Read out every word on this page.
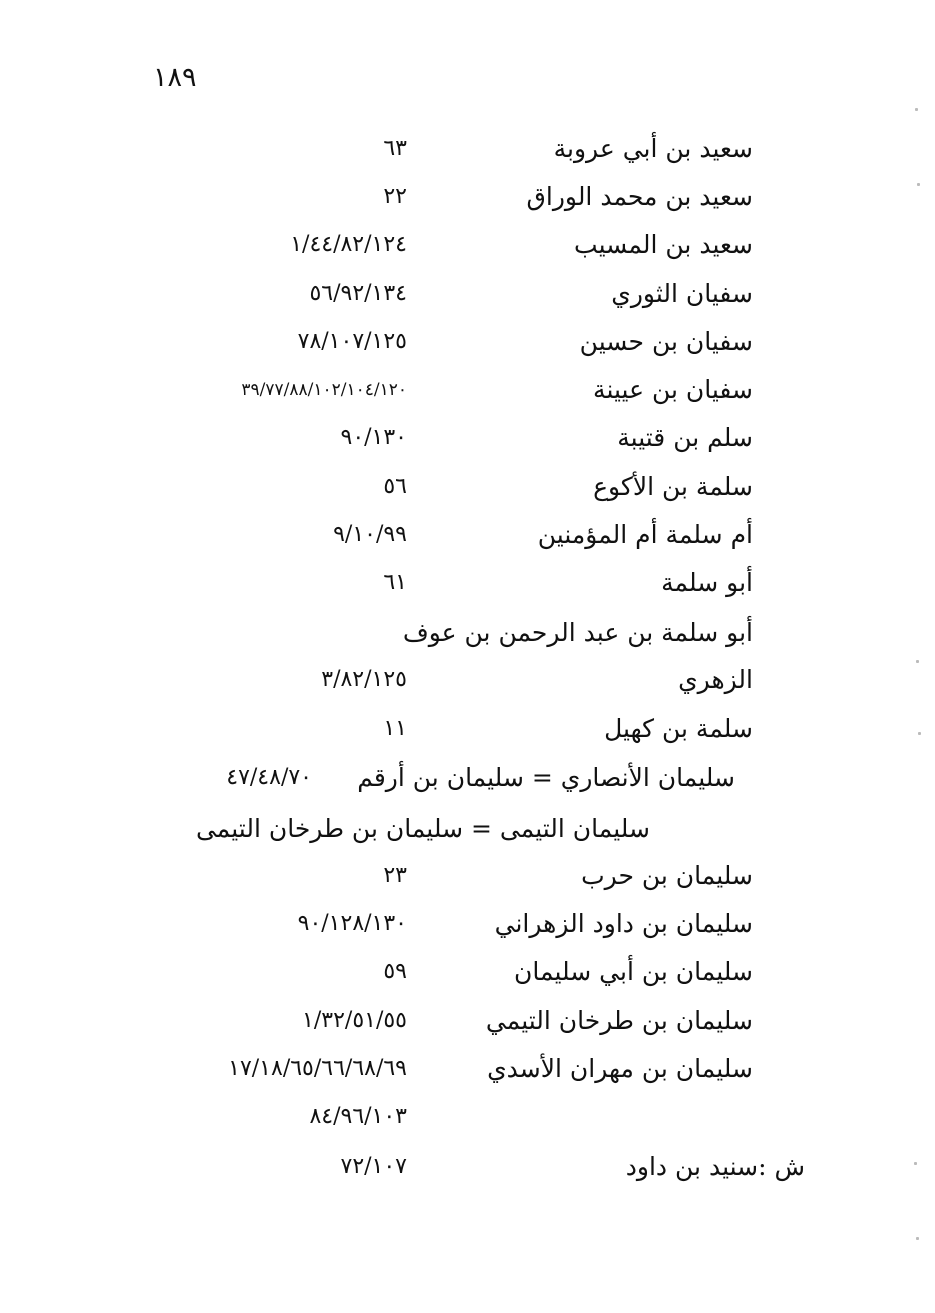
١٨٩
سعيد بن أبي عروبة
٦٣
سعيد بن محمد الوراق
٢٢
سعيد بن المسيب
١/٤٤/٨٢/١٢٤
سفيان الثوري
٥٦/٩٢/١٣٤
سفيان بن حسين
٧٨/١٠٧/١٢٥
سفيان بن عيينة
٣٩/٧٧/٨٨/١٠٢/١٠٤/١٢٠
سلم بن قتيبة
٩٠/١٣٠
سلمة بن الأكوع
٥٦
أم سلمة أم المؤمنين
٩/١٠/٩٩
أبو سلمة
٦١
أبو سلمة بن عبد الرحمن بن عوف
الزهري
٣/٨٢/١٢٥
سلمة بن كهيل
١١
سليمان الأنصاري = سليمان بن أرقم
٤٧/٤٨/٧٠
سليمان التيمى = سليمان بن طرخان التيمى
سليمان بن حرب
٢٣
سليمان بن داود الزهراني
٩٠/١٢٨/١٣٠
سليمان بن أبي سليمان
٥٩
سليمان بن طرخان التيمي
١/٣٢/٥١/٥٥
سليمان بن مهران الأسدي
١٧/١٨/٦٥/٦٦/٦٨/٦٩
٨٤/٩٦/١٠٣
ش :سنيد بن داود
٧٢/١٠٧
